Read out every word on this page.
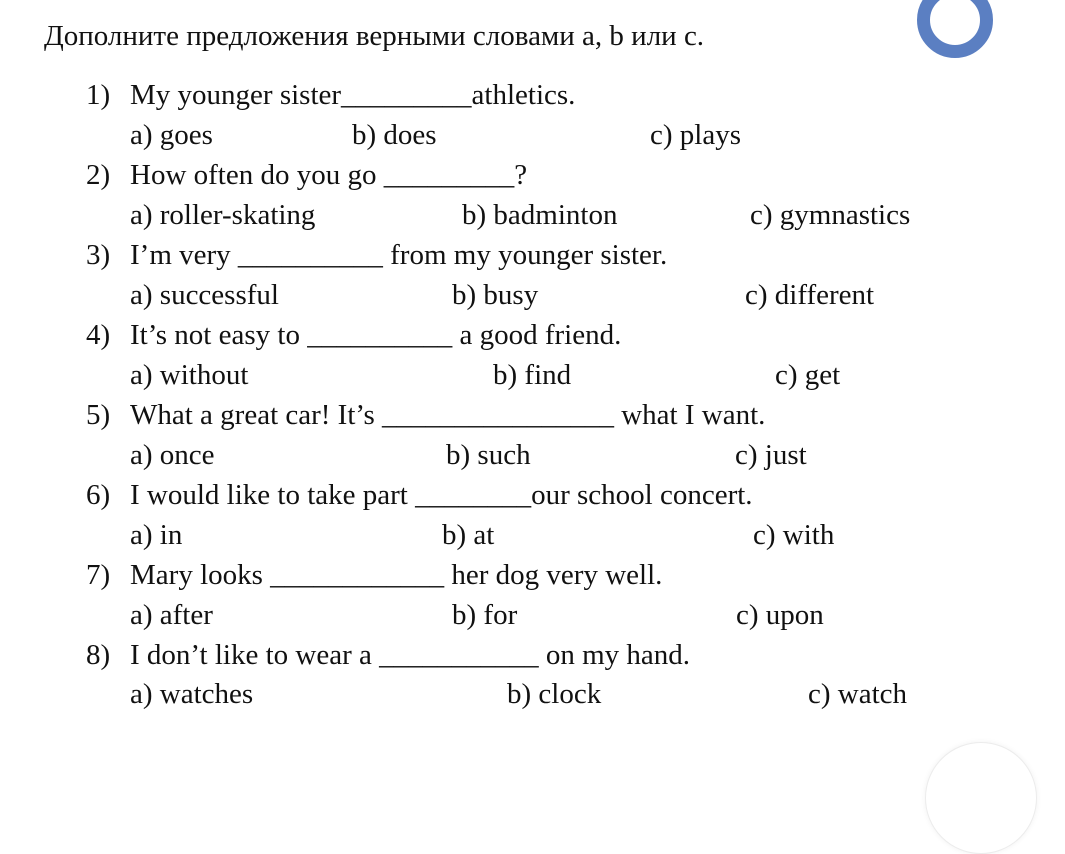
Дополните предложения верными словами a, b или c.
1) My younger sister_________athletics.
a) goes	b) does	c) plays
2) How often do you go _________?
a) roller-skating	b) badminton	c) gymnastics
3) I’m very __________ from my younger sister.
a) successful	b) busy	c) different
4) It’s not easy to __________ a good friend.
a) without	b) find	c) get
5) What a great car! It’s ________________ what I want.
a) once	b) such	c) just
6) I would like to take part ________our school concert.
a) in	b) at	c) with
7) Mary looks ____________ her dog very well.
a) after	b) for	c) upon
8) I don’t like to wear a ___________ on my hand.
a) watches	b) clock	c) watch
